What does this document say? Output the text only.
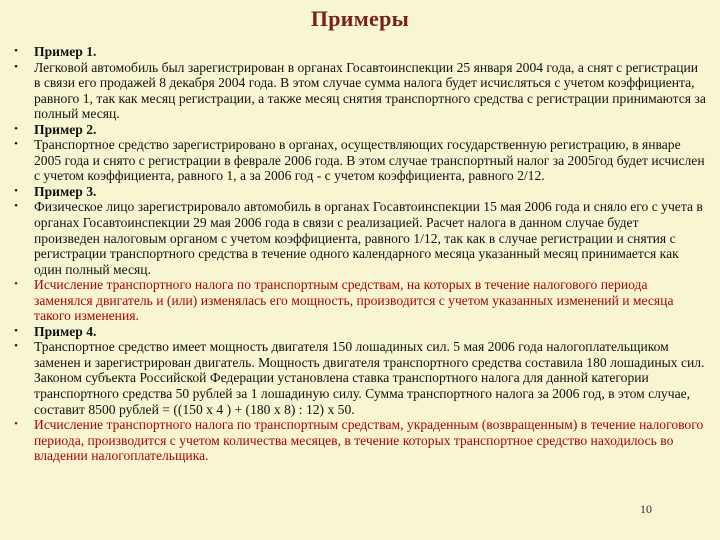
Примеры
•	Пример 1.
•	Легковой автомобиль был зарегистрирован в органах Госавтоинспекции 25 января 2004 года, а снят с регистрации в связи его продажей 8 декабря 2004 года. В этом случае сумма налога будет исчисляться с учетом коэффициента, равного 1, так как месяц регистрации, а также месяц снятия транспортного средства с регистрации принимаются за полный месяц.
•	Пример 2.
•	Транспортное средство зарегистрировано в органах, осуществляющих государственную регистрацию, в январе 2005 года и снято с регистрации в феврале 2006 года. В этом случае транспортный налог за 2005год будет исчислен с учетом коэффициента, равного 1, а за 2006 год - с учетом коэффициента, равного 2/12.
•	Пример 3.
•	Физическое лицо зарегистрировало автомобиль в органах Госавтоинспекции 15 мая 2006 года и сняло его с учета в органах Госавтоинспекции 29 мая 2006 года в связи с реализацией. Расчет налога в данном случае будет произведен налоговым органом с учетом коэффициента, равного 1/12, так как в случае регистрации и снятия с регистрации транспортного средства в течение одного календарного месяца указанный месяц принимается как один полный месяц.
•	Исчисление транспортного налога по транспортным средствам, на которых в течение налогового периода заменялся двигатель и (или) изменялась его мощность, производится с учетом указанных изменений и месяца такого изменения.
•	Пример 4.
•	Транспортное средство имеет мощность двигателя 150 лошадиных сил. 5 мая 2006 года налогоплательщиком заменен и зарегистрирован двигатель. Мощность двигателя транспортного средства составила 180 лошадиных сил. Законом субъекта Российской Федерации установлена ставка транспортного налога для данной категории транспортного средства 50 рублей за 1 лошадиную силу. Сумма транспортного налога за 2006 год, в этом случае, составит 8500 рублей = ((150 х 4 ) + (180 х 8) : 12) х 50.
•	Исчисление транспортного налога по транспортным средствам, украденным (возвращенным) в течение налогового периода, производится с учетом количества месяцев, в течение которых транспортное средство находилось во владении налогоплательщика.
10
